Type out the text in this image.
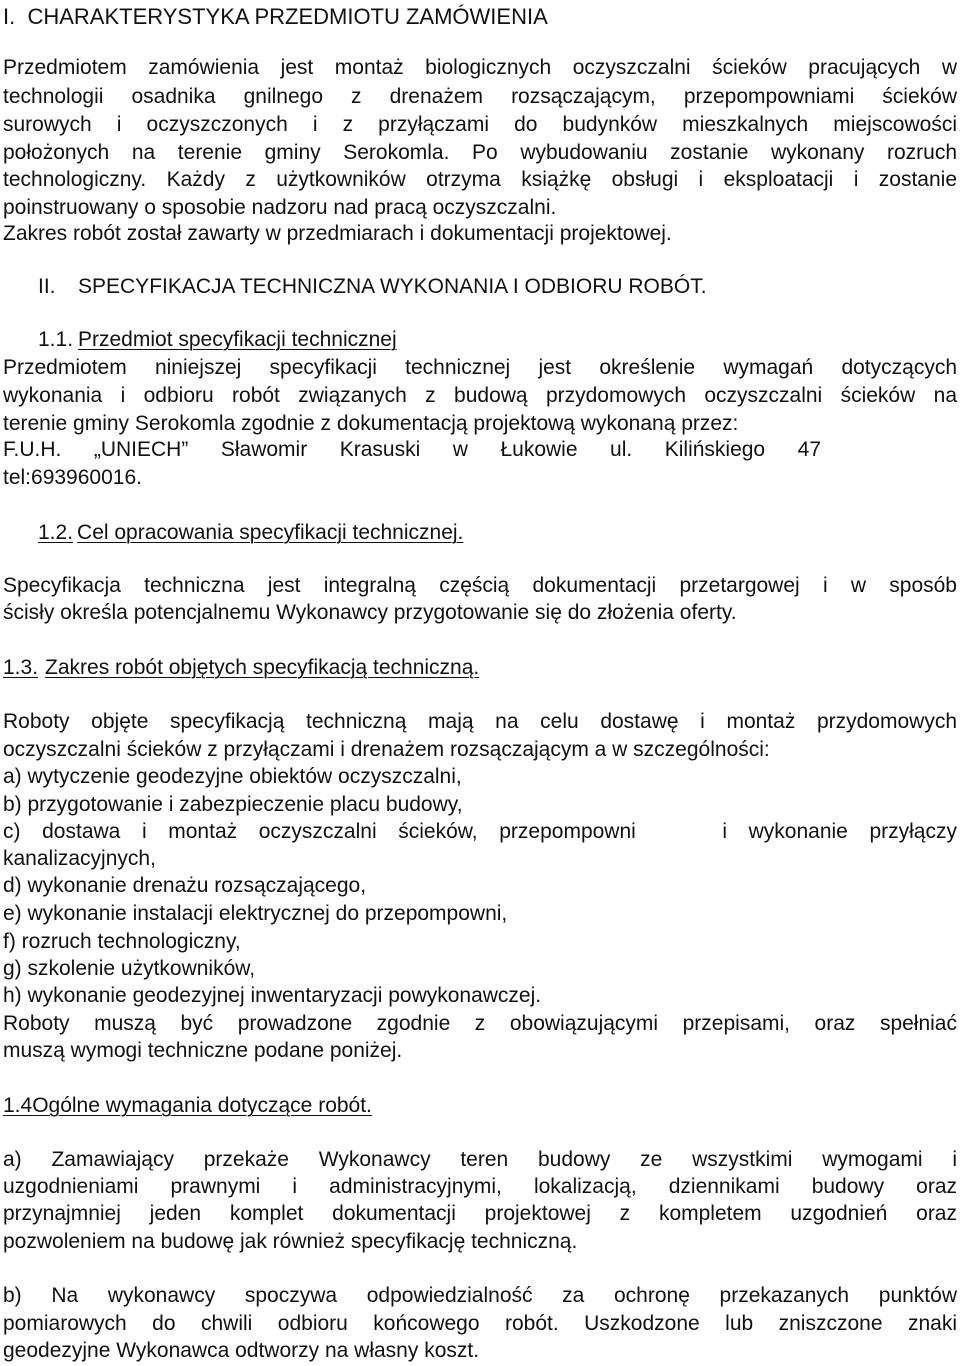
I.  CHARAKTERYSTYKA PRZEDMIOTU ZAMÓWIENIA
Przedmiotem zamówienia jest montaż biologicznych oczyszczalni ścieków pracujących w
technologii osadnika gnilnego z drenażem rozsączającym, przepompowniami ścieków
surowych i oczyszczonych i z przyłączami do budynków mieszkalnych miejscowości
położonych na terenie gminy Serokomla. Po wybudowaniu zostanie wykonany rozruch
technologiczny. Każdy z użytkowników otrzyma książkę obsługi i eksploatacji i zostanie
poinstruowany o sposobie nadzoru nad pracą oczyszczalni.
Zakres robót został zawarty w przedmiarach i dokumentacji projektowej.
II. SPECYFIKACJA TECHNICZNA WYKONANIA I ODBIORU ROBÓT.
1.1. Przedmiot specyfikacji technicznej
Przedmiotem niniejszej specyfikacji technicznej jest określenie wymagań dotyczących
wykonania i odbioru robót związanych z budową przydomowych oczyszczalni ścieków na
terenie gminy Serokomla zgodnie z dokumentacją projektową wykonaną przez:
F.U.H. „UNIECH” Sławomir Krasuski w Łukowie ul. Kilińskiego 47
tel:693960016.
1.2. Cel opracowania specyfikacji technicznej.
Specyfikacja techniczna jest integralną częścią dokumentacji przetargowej i w sposób
ścisły określa potencjalnemu Wykonawcy przygotowanie się do złożenia oferty.
1.3. Zakres robót objętych specyfikacją techniczną.
Roboty objęte specyfikacją techniczną mają na celu dostawę i montaż przydomowych
oczyszczalni ścieków z przyłączami i drenażem rozsączającym a w szczególności:
a) wytyczenie geodezyjne obiektów oczyszczalni,
b) przygotowanie i zabezpieczenie placu budowy,
c) dostawa i montaż oczyszczalni ścieków, przepompowni    i wykonanie przyłączy
kanalizacyjnych,
d) wykonanie drenażu rozsączającego,
e) wykonanie instalacji elektrycznej do przepompowni,
f) rozruch technologiczny,
g) szkolenie użytkowników,
h) wykonanie geodezyjnej inwentaryzacji powykonawczej.
Roboty muszą być prowadzone zgodnie z obowiązującymi przepisami, oraz spełniać
muszą wymogi techniczne podane poniżej.
1.4Ogólne wymagania dotyczące robót.
a) Zamawiający przekaże Wykonawcy teren budowy ze wszystkimi wymogami i
uzgodnieniami prawnymi i administracyjnymi, lokalizacją, dziennikami budowy oraz
przynajmniej jeden komplet dokumentacji projektowej z kompletem uzgodnień oraz
pozwoleniem na budowę jak również specyfikację techniczną.
b) Na wykonawcy spoczywa odpowiedzialność za ochronę przekazanych punktów
pomiarowych do chwili odbioru końcowego robót. Uszkodzone lub zniszczone znaki
geodezyjne Wykonawca odtworzy na własny koszt.
